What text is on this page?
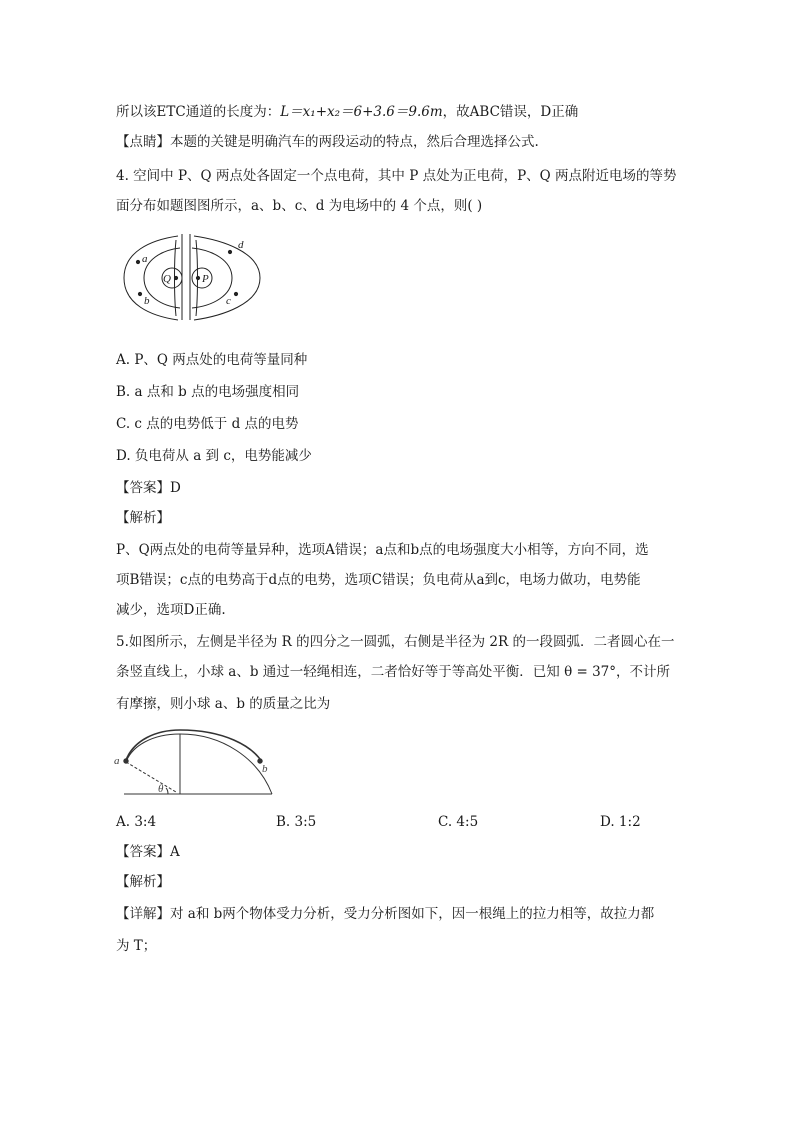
所以该ETC通道的长度为：L＝x₁+x₂＝6+3.6＝9.6m，故ABC错误，D正确
【点睛】本题的关键是明确汽车的两段运动的特点，然后合理选择公式.
4. 空间中 P、Q 两点处各固定一个点电荷，其中 P 点处为正电荷，P、Q 两点附近电场的等势
面分布如题图图所示，a、b、c、d 为电场中的 4 个点，则( )
a
b	c
d
Q	P
A. P、Q 两点处的电荷等量同种
B. a 点和 b 点的电场强度相同
C. c 点的电势低于 d 点的电势
D. 负电荷从 a 到 c，电势能减少
【答案】D
【解析】
P、Q两点处的电荷等量异种，选项A错误；a点和b点的电场强度大小相等，方向不同，选
项B错误；c点的电势高于d点的电势，选项C错误；负电荷从a到c，电场力做功，电势能
减少，选项D正确.
5.如图所示，左侧是半径为 R 的四分之一圆弧，右侧是半径为 2R 的一段圆弧．二者圆心在一
条竖直线上，小球 a、b 通过一轻绳相连，二者恰好等于等高处平衡．已知 θ = 37°，不计所
有摩擦，则小球 a、b 的质量之比为
a
b
θ
A. 3:4	B. 3:5	C. 4:5	D. 1:2
【答案】A
【解析】
【详解】对 a和 b两个物体受力分析，受力分析图如下，因一根绳上的拉力相等，故拉力都
为 T；
